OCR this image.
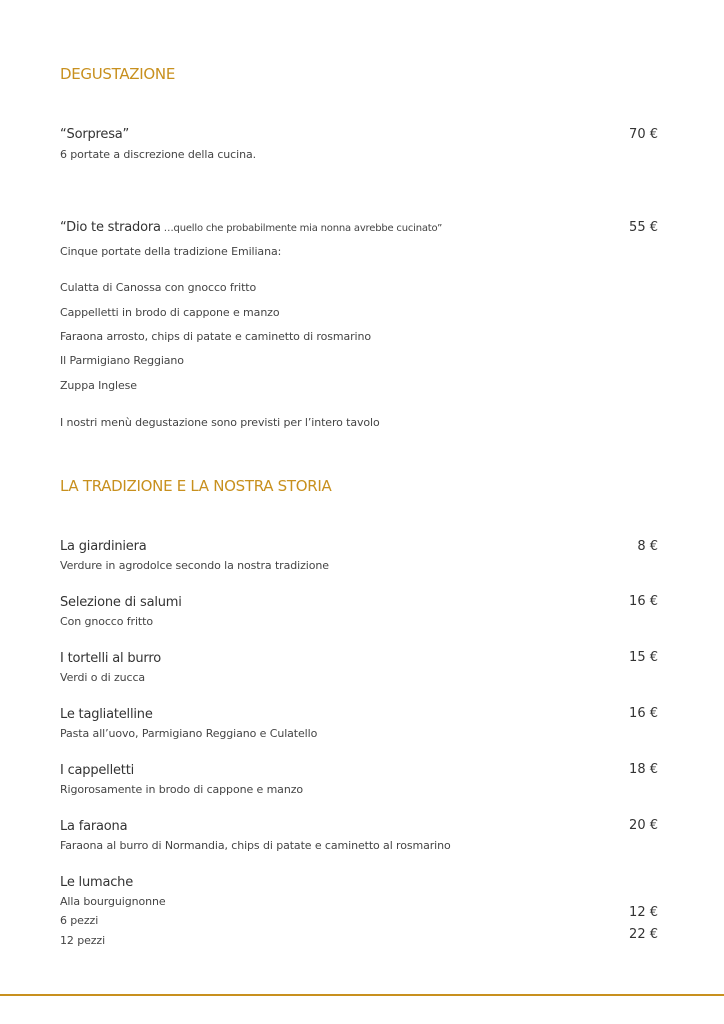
DEGUSTAZIONE
“Sorpresa”
6 portate a discrezione della cucina.
70 €
“Dio te stradora …quello che probabilmente mia nonna avrebbe cucinato”	55 €
Cinque portate della tradizione Emiliana:
Culatta di Canossa con gnocco fritto
Cappelletti in brodo di cappone e manzo
Faraona arrosto, chips di patate e caminetto di rosmarino
Il Parmigiano Reggiano
Zuppa Inglese
I nostri menù degustazione sono previsti per l’intero tavolo
LA TRADIZIONE E LA NOSTRA STORIA
La giardiniera
Verdure in agrodolce secondo la nostra tradizione
8 €
Selezione di salumi
Con gnocco fritto
16 €
I tortelli al burro
Verdi o di zucca
15 €
Le tagliatelline
Pasta all’uovo, Parmigiano Reggiano e Culatello
16 €
I cappelletti
Rigorosamente in brodo di cappone e manzo
18 €
La faraona
Faraona al burro di Normandia, chips di patate e caminetto al rosmarino
20 €
Le lumache
Alla bourguignonne
6 pezzi
12 pezzi
12 €
22 €
